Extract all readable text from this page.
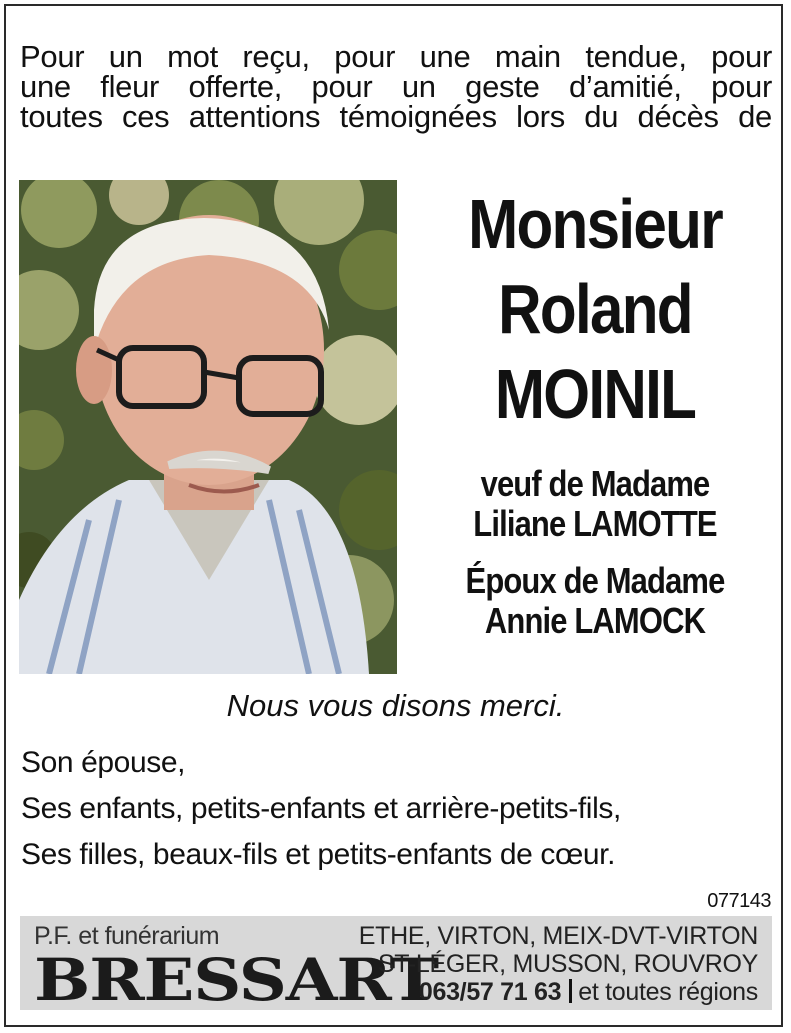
Pour un mot reçu, pour une main tendue, pour
une fleur offerte, pour un geste d’amitié, pour
toutes ces attentions témoignées lors du décès de
Monsieur
Roland
MOINIL
veuf de Madame
Liliane LAMOTTE
Époux de Madame
Annie LAMOCK
Nous vous disons merci.
Son épouse,
Ses enfants, petits-enfants et arrière-petits-fils,
Ses filles, beaux-fils et petits-enfants de cœur.
077143
P.F. et funérarium
BRESSART
ETHE, VIRTON, MEIX-DVT-VIRTON
ST-LÉGER, MUSSON, ROUVROY
063/57 71 63 et toutes régions
